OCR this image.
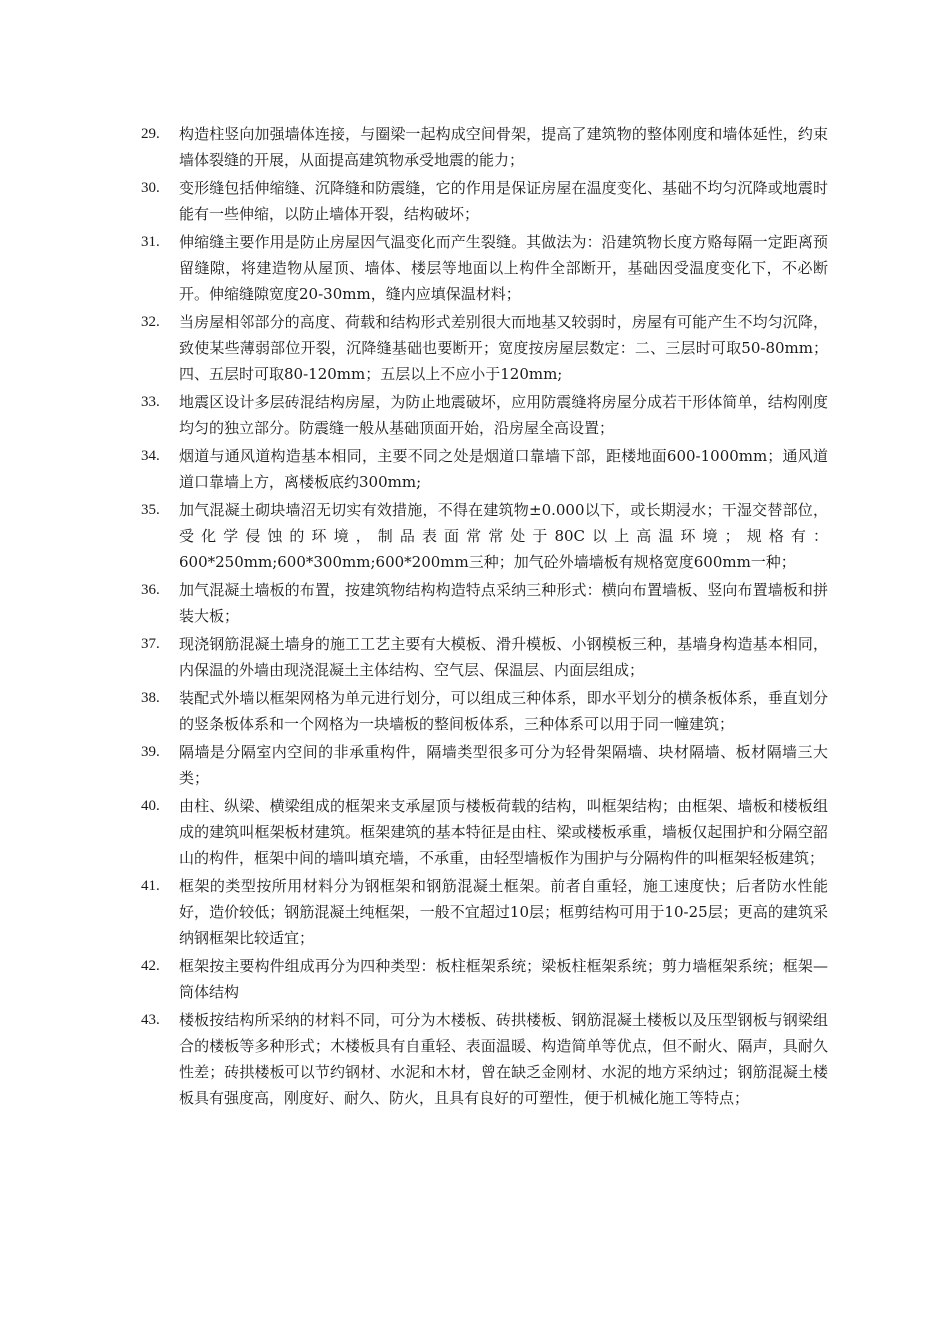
29.	构造柱竖向加强墙体连接，与圈梁一起构成空间骨架，提高了建筑物的整体刚度和墙体延性，约束墙体裂缝的开展，从面提高建筑物承受地震的能力；
30.	变形缝包括伸缩缝、沉降缝和防震缝，它的作用是保证房屋在温度变化、基础不均匀沉降或地震时能有一些伸缩，以防止墙体开裂，结构破坏；
31.	伸缩缝主要作用是防止房屋因气温变化而产生裂缝。其做法为：沿建筑物长度方赂每隔一定距离预留缝隙，将建造物从屋顶、墙体、楼层等地面以上构件全部断开，基础因受温度变化下，不必断开。伸缩缝隙宽度20-30mm，缝内应填保温材料；
32.	当房屋相邻部分的高度、荷载和结构形式差别很大而地基又较弱时，房屋有可能产生不均匀沉降，致使某些薄弱部位开裂，沉降缝基础也要断开；宽度按房屋层数定：二、三层时可取50-80mm；四、五层时可取80-120mm；五层以上不应小于120mm;
33.	地震区设计多层砖混结构房屋，为防止地震破坏，应用防震缝将房屋分成若干形体简单，结构刚度均匀的独立部分。防震缝一般从基础顶面开始，沿房屋全高设置；
34.	烟道与通风道构造基本相同，主要不同之处是烟道口靠墙下部，距楼地面600-1000mm；通风道道口靠墙上方，离楼板底约300mm;
35.	加气混凝土砌块墙沼无切实有效措施，不得在建筑物±0.000以下，或长期浸水；干湿交替部位，受化学侵蚀的环境，制品表面常常处于80C以上高温环境；规格有：600*250mm;600*300mm;600*200mm三种；加气砼外墙墙板有规格宽度600mm一种；
36.	加气混凝土墙板的布置，按建筑物结构构造特点采纳三种形式：横向布置墙板、竖向布置墙板和拼装大板；
37.	现浇钢筋混凝土墙身的施工工艺主要有大模板、滑升模板、小钢模板三种，基墙身构造基本相同，内保温的外墙由现浇混凝土主体结构、空气层、保温层、内面层组成；
38.	装配式外墙以框架网格为单元进行划分，可以组成三种体系，即水平划分的横条板体系，垂直划分的竖条板体系和一个网格为一块墙板的整间板体系，三种体系可以用于同一幢建筑；
39.	隔墙是分隔室内空间的非承重构件，隔墙类型很多可分为轻骨架隔墙、块材隔墙、板材隔墙三大类；
40.	由柱、纵梁、横梁组成的框架来支承屋顶与楼板荷载的结构，叫框架结构；由框架、墙板和楼板组成的建筑叫框架板材建筑。框架建筑的基本特征是由柱、梁或楼板承重，墙板仅起围护和分隔空韶山的构件，框架中间的墙叫填充墙，不承重，由轻型墙板作为围护与分隔构件的叫框架轻板建筑；
41.	框架的类型按所用材料分为钢框架和钢筋混凝土框架。前者自重轻，施工速度快；后者防水性能好，造价较低；钢筋混凝土纯框架，一般不宜超过10层；框剪结构可用于10-25层；更高的建筑采纳钢框架比较适宜；
42.	框架按主要构件组成再分为四种类型：板柱框架系统；梁板柱框架系统；剪力墙框架系统；框架—筒体结构
43.	楼板按结构所采纳的材料不同，可分为木楼板、砖拱楼板、钢筋混凝土楼板以及压型钢板与钢梁组合的楼板等多种形式；木楼板具有自重轻、表面温暖、构造简单等优点，但不耐火、隔声，具耐久性差；砖拱楼板可以节约钢材、水泥和木材，曾在缺乏金刚材、水泥的地方采纳过；钢筋混凝土楼板具有强度高，刚度好、耐久、防火，且具有良好的可塑性，便于机械化施工等特点；
